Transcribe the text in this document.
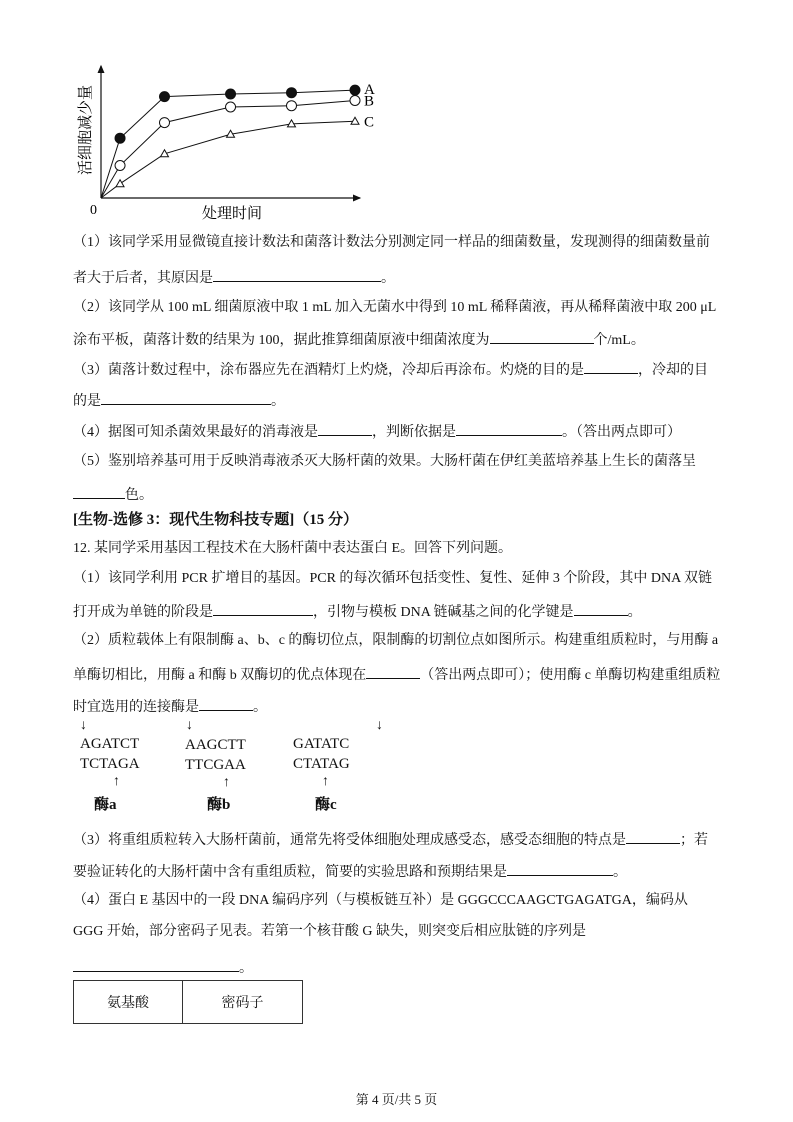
A
B
C
0	处理时间
活细胞减少量
（1）该同学采用显微镜直接计数法和菌落计数法分别测定同一样品的细菌数量，发现测得的细菌数量前
者大于后者，其原因是	。
（2）该同学从 100 mL 细菌原液中取 1 mL 加入无菌水中得到 10 mL 稀释菌液，再从稀释菌液中取 200 μL
涂布平板，菌落计数的结果为 100，据此推算细菌原液中细菌浓度为	个/mL。
（3）菌落计数过程中，涂布器应先在酒精灯上灼烧，冷却后再涂布。灼烧的目的是	，冷却的目
的是	。
（4）据图可知杀菌效果最好的消毒液是	，判断依据是	。（答出两点即可）
（5）鉴别培养基可用于反映消毒液杀灭大肠杆菌的效果。大肠杆菌在伊红美蓝培养基上生长的菌落呈
色。
[生物-选修 3：现代生物科技专题]（15 分）
12. 某同学采用基因工程技术在大肠杆菌中表达蛋白 E。回答下列问题。
（1）该同学利用 PCR 扩增目的基因。PCR 的每次循环包括变性、复性、延伸 3 个阶段，其中 DNA 双链
打开成为单链的阶段是	，引物与模板 DNA 链碱基之间的化学键是	。
（2）质粒载体上有限制酶 a、b、c 的酶切位点，限制酶的切割位点如图所示。构建重组质粒时，与用酶 a
单酶切相比，用酶 a 和酶 b 双酶切的优点体现在	（答出两点即可）；使用酶 c 单酶切构建重组质粒
时宜选用的连接酶是	。
↓
AGATCT
TCTAGA
↑
酶a
↓
AAGCTT
TTCGAA
↑
酶b
↓
GATATC
CTATAG
↑
酶c
（3）将重组质粒转入大肠杆菌前，通常先将受体细胞处理成感受态，感受态细胞的特点是	；若
要验证转化的大肠杆菌中含有重组质粒，简要的实验思路和预期结果是	。
（4）蛋白 E 基因中的一段 DNA 编码序列（与模板链互补）是 GGGCCCAAGCTGAGATGA，编码从
GGG 开始，部分密码子见表。若第一个核苷酸 G 缺失，则突变后相应肽链的序列是
。
氨基酸	密码子
第 4 页/共 5 页
